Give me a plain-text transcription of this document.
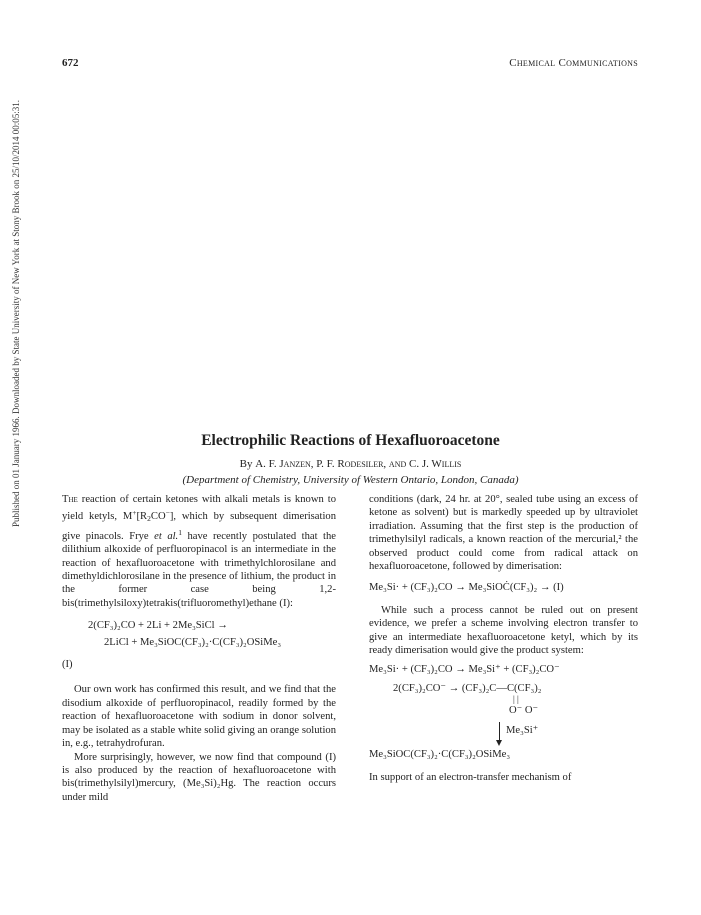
672	Chemical Communications
Published on 01 January 1966. Downloaded by State University of New York at Stony Brook on 25/10/2014 00:05:31.	Electrophilic Reactions of Hexafluoroacetone
By A. F. Janzen, P. F. Rodesiler, and C. J. Willis
(Department of Chemistry, University of Western Ontario, London, Canada)

The reaction of certain ketones with alkali metals is known to yield ketyls, $M^+[R_2CO^-]$, which by subsequent dimerisation give pinacols. Frye et al.$^1$ have recently postulated that the dilithium alkoxide of perfluoropinacol is an intermediate in the reaction of hexafluoroacetone with trimethylchlorosilane and dimethyldichlorosilane in the presence of lithium, the product in the former case being 1,2-bis(trimethylsiloxy)tetrakis(trifluoromethyl)ethane (I):

2(CF₃)₂CO + 2Li + 2Me₃SiCl →

2LiCl + Me₃SiOC(CF₃)₂·C(CF₃)₂OSiMe₃

(I)

Our own work has confirmed this result, and we find that the disodium alkoxide of perfluoropinacol, readily formed by the reaction of hexafluoroacetone with sodium in donor solvent, may be isolated as a stable white solid giving an orange solution in, e.g., tetrahydrofuran.

More surprisingly, however, we now find that compound (I) is also produced by the reaction of hexafluoroacetone with bis(trimethylsilyl)mercury, (Me₃Si)₂Hg. The reaction occurs under mild

conditions (dark, 24 hr. at 20°, sealed tube using an excess of ketone as solvent) but is markedly speeded up by ultraviolet irradiation. Assuming that the first step is the production of trimethylsilyl radicals, a known reaction of the mercurial,² the observed product could come from radical attack on hexafluoroacetone, followed by dimerisation:

Me₃Si· + (CF₃)₂CO → Me₃SiOĊ(CF₃)₂ → (I)

While such a process cannot be ruled out on present evidence, we prefer a scheme involving electron transfer to give an intermediate hexafluoroacetone ketyl, which by its ready dimerisation would give the product system:

Me₃Si· + (CF₃)₂CO → Me₃Si⁺ + (CF₃)₂CO⁻

2(CF₃)₂CO⁻ → (CF₃)₂C—C(CF₃)₂

| |

O⁻ O⁻

Me₃Si⁺

Me₃SiOC(CF₃)₂·C(CF₃)₂OSiMe₃

In support of an electron-transfer mechanism of
